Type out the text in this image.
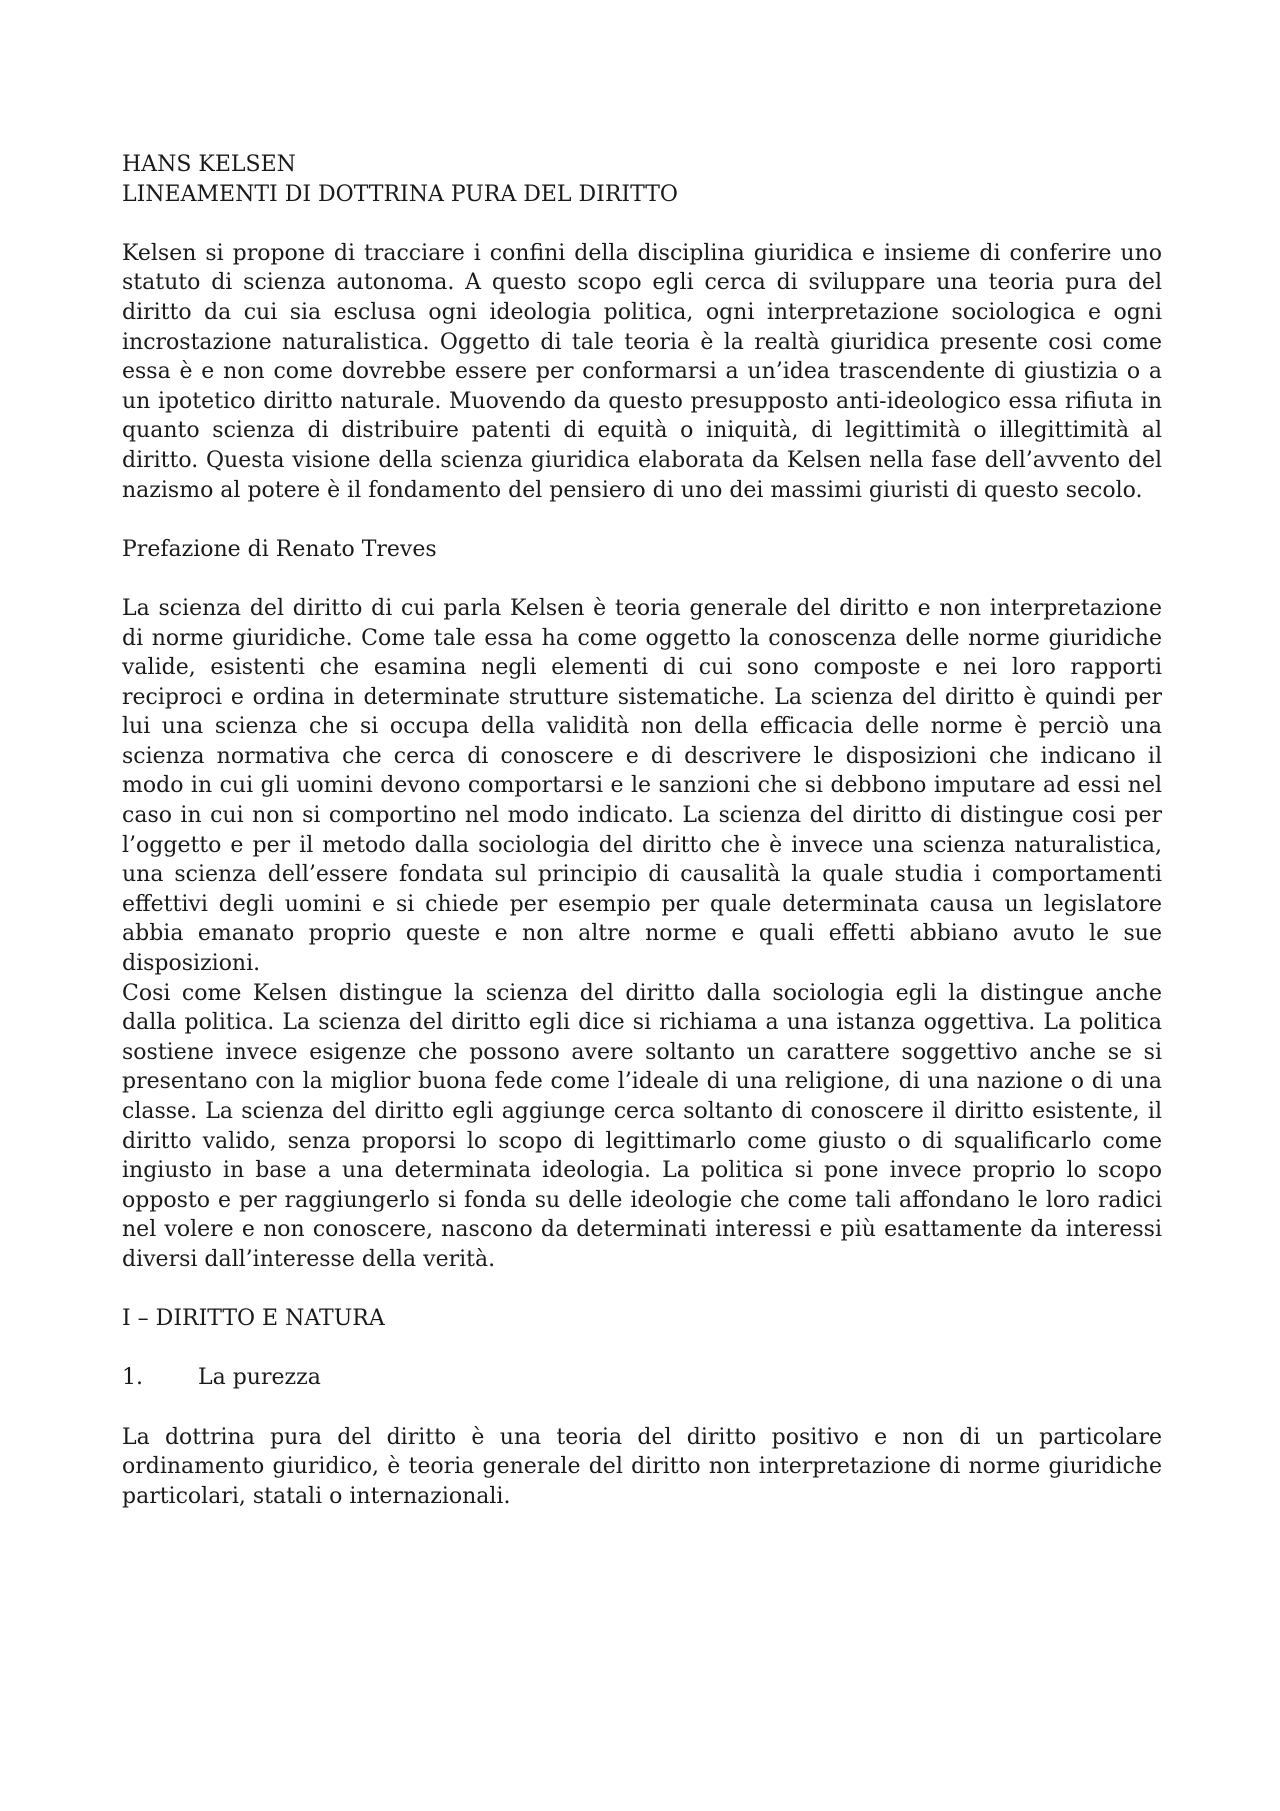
HANS KELSEN

LINEAMENTI DI DOTTRINA PURA DEL DIRITTO

Kelsen si propone di tracciare i confini della disciplina giuridica e insieme di conferire uno statuto di scienza autonoma. A questo scopo egli cerca di sviluppare una teoria pura del diritto da cui sia esclusa ogni ideologia politica, ogni interpretazione sociologica e ogni incrostazione naturalistica. Oggetto di tale teoria è la realtà giuridica presente cosi come essa è e non come dovrebbe essere per conformarsi a un’idea trascendente di giustizia o a un ipotetico diritto naturale. Muovendo da questo presupposto anti-ideologico essa rifiuta in quanto scienza di distribuire patenti di equità o iniquità, di legittimità o illegittimità al diritto. Questa visione della scienza giuridica elaborata da Kelsen nella fase dell’avvento del nazismo al potere è il fondamento del pensiero di uno dei massimi giuristi di questo secolo.

Prefazione di Renato Treves

La scienza del diritto di cui parla Kelsen è teoria generale del diritto e non interpretazione di norme giuridiche. Come tale essa ha come oggetto la conoscenza delle norme giuridiche valide, esistenti che esamina negli elementi di cui sono composte e nei loro rapporti reciproci e ordina in determinate strutture sistematiche. La scienza del diritto è quindi per lui una scienza che si occupa della validità non della efficacia delle norme è perciò una scienza normativa che cerca di conoscere e di descrivere le disposizioni che indicano il modo in cui gli uomini devono comportarsi e le sanzioni che si debbono imputare ad essi nel caso in cui non si comportino nel modo indicato. La scienza del diritto di distingue cosi per l’oggetto e per il metodo dalla sociologia del diritto che è invece una scienza naturalistica, una scienza dell’essere fondata sul principio di causalità la quale studia i comportamenti effettivi degli uomini e si chiede per esempio per quale determinata causa un legislatore abbia emanato proprio queste e non altre norme e quali effetti abbiano avuto le sue disposizioni.

Cosi come Kelsen distingue la scienza del diritto dalla sociologia egli la distingue anche dalla politica. La scienza del diritto egli dice si richiama a una istanza oggettiva. La politica sostiene invece esigenze che possono avere soltanto un carattere soggettivo anche se si presentano con la miglior buona fede come l’ideale di una religione, di una nazione o di una classe. La scienza del diritto egli aggiunge cerca soltanto di conoscere il diritto esistente, il diritto valido, senza proporsi lo scopo di legittimarlo come giusto o di squalificarlo come ingiusto in base a una determinata ideologia. La politica si pone invece proprio lo scopo opposto e per raggiungerlo si fonda su delle ideologie che come tali affondano le loro radici nel volere e non conoscere, nascono da determinati interessi e più esattamente da interessi diversi dall’interesse della verità.

I – DIRITTO E NATURA

1.	La purezza

La dottrina pura del diritto è una teoria del diritto positivo e non di un particolare ordinamento giuridico, è teoria generale del diritto non interpretazione di norme giuridiche particolari, statali o internazionali.
